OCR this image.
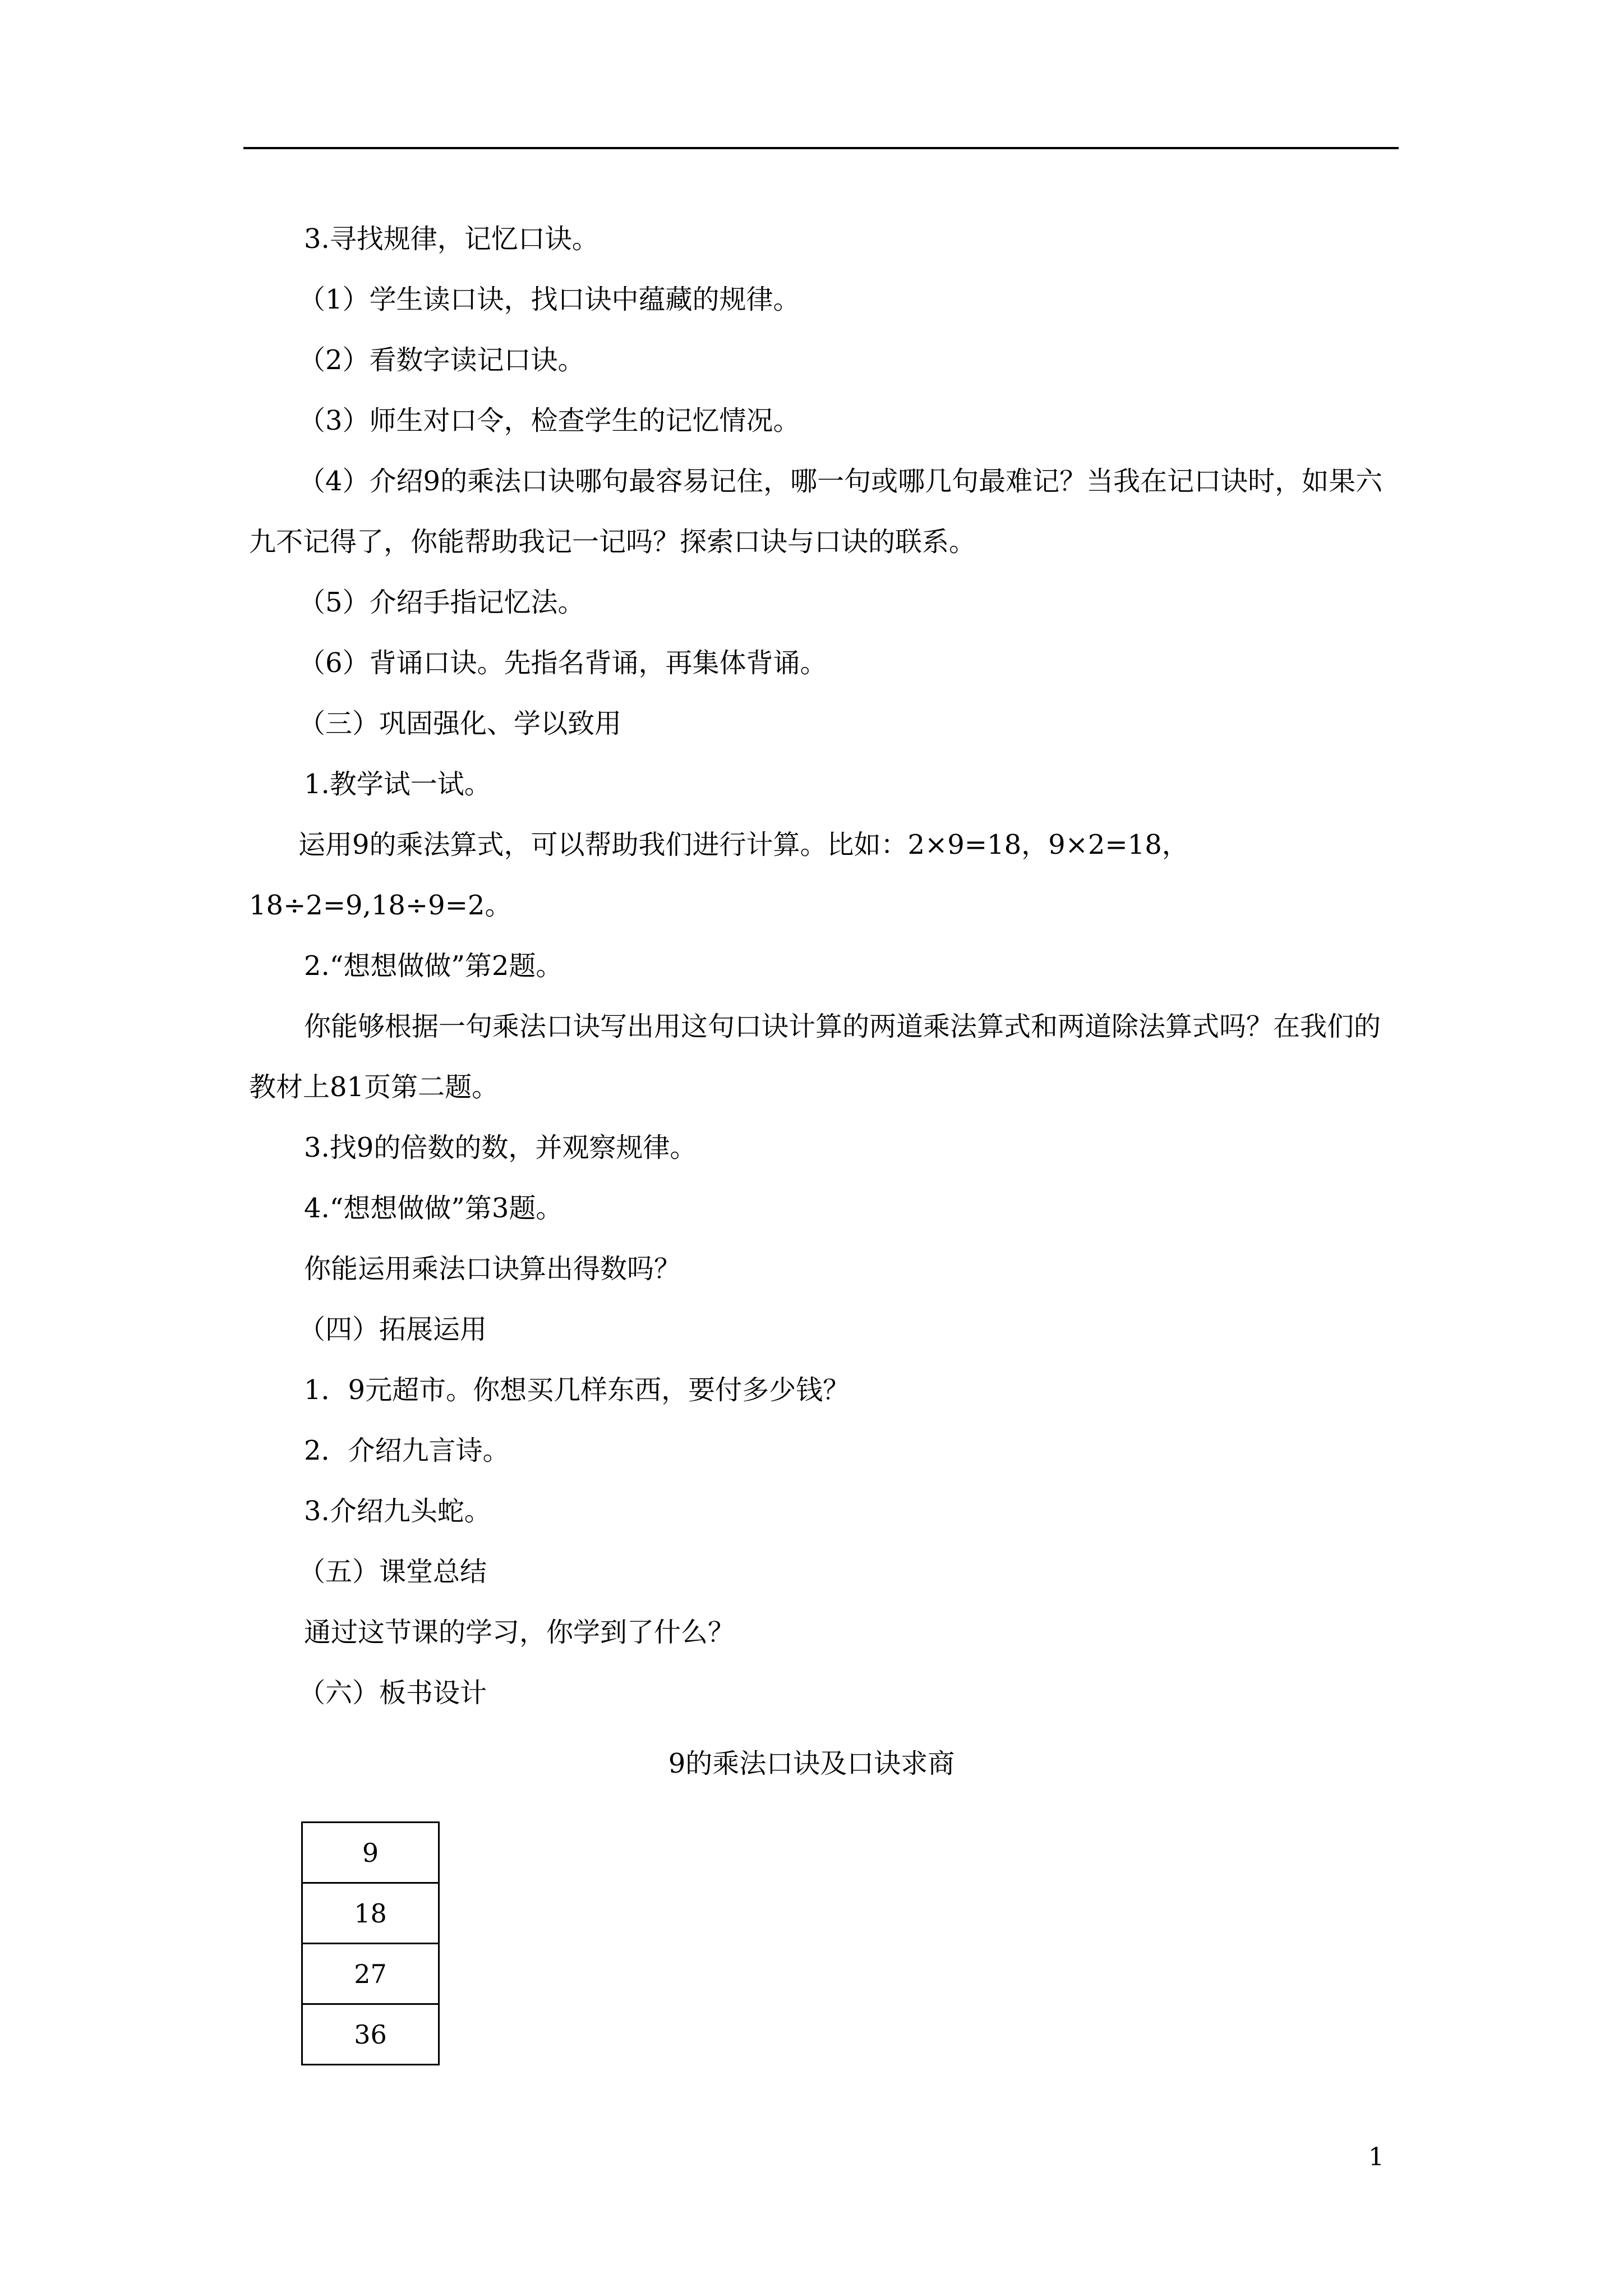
3.寻找规律，记忆口诀。

（1）学生读口诀，找口诀中蕴藏的规律。

（2）看数字读记口诀。

（3）师生对口令，检查学生的记忆情况。

（4）介绍9的乘法口诀哪句最容易记住，哪一句或哪几句最难记？当我在记口诀时，如果六九不记得了，你能帮助我记一记吗？探索口诀与口诀的联系。

（5）介绍手指记忆法。

（6）背诵口诀。先指名背诵，再集体背诵。

（三）巩固强化、学以致用

1.教学试一试。

运用9的乘法算式，可以帮助我们进行计算。比如：2×9=18，9×2=18， 18÷2=9,18÷9=2。

2.“想想做做”第2题。

你能够根据一句乘法口诀写出用这句口诀计算的两道乘法算式和两道除法算式吗？在我们的教材上81页第二题。

3.找9的倍数的数，并观察规律。

4.“想想做做”第3题。

你能运用乘法口诀算出得数吗？

（四）拓展运用

1．9元超市。你想买几样东西，要付多少钱？

2．介绍九言诗。

3.介绍九头蛇。

（五）课堂总结

通过这节课的学习，你学到了什么？

（六）板书设计

9的乘法口诀及口诀求商
9
18
27
36
1
